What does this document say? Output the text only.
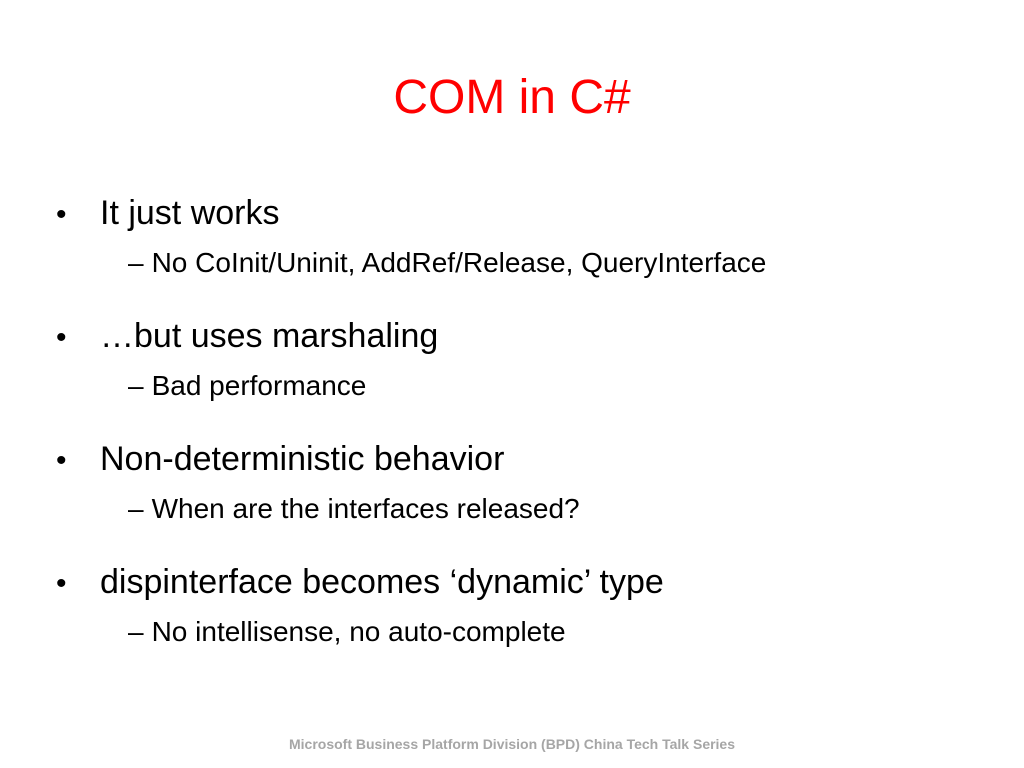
COM in C#
• It just works
– No CoInit/Uninit, AddRef/Release, QueryInterface
• …but uses marshaling
– Bad performance
• Non-deterministic behavior
– When are the interfaces released?
• dispinterface becomes ‘dynamic’ type
– No intellisense, no auto-complete
Microsoft Business Platform Division (BPD) China Tech Talk Series
